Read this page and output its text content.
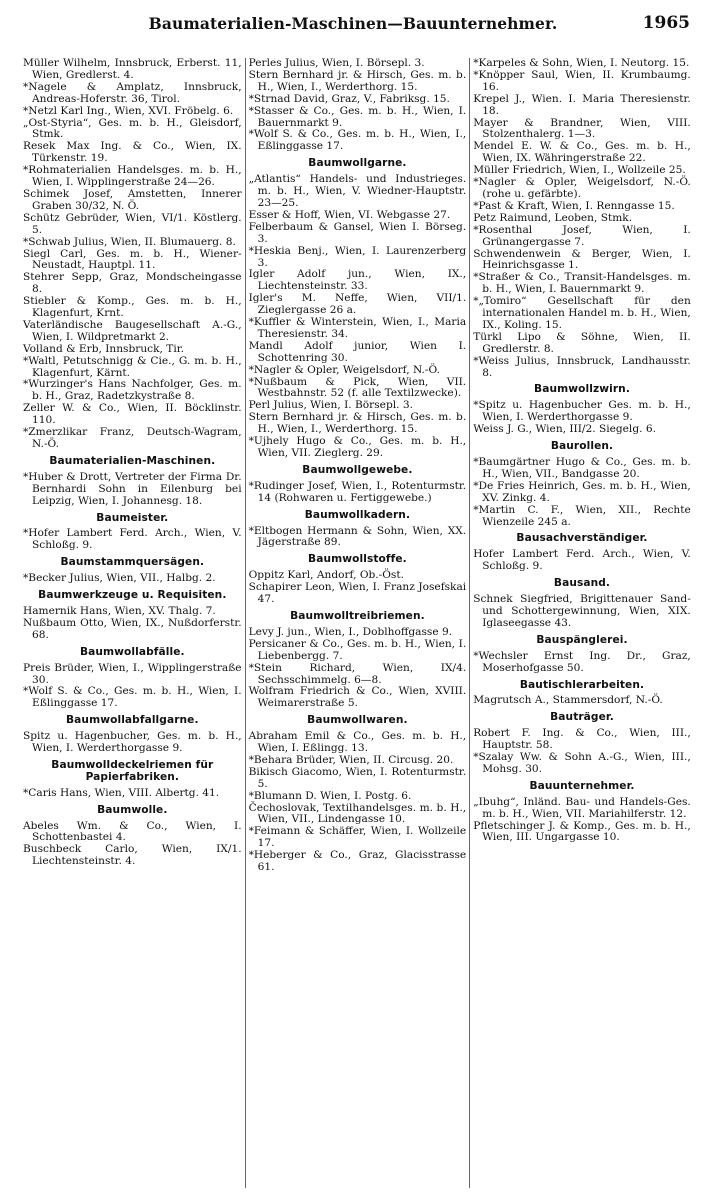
Baumaterialien-Maschinen—Bauunternehmer.	1965
Müller Wilhelm, Innsbruck, Erberst. 11, Wien, Gredlerst. 4.
*Nagele & Amplatz, Innsbruck, Andreas-Hoferstr. 36, Tirol.
*Netzl Karl Ing., Wien, XVI. Fröbelg. 6.
„Ost-Styria“, Ges. m. b. H., Gleisdorf, Stmk.
Resek Max Ing. & Co., Wien, IX. Türkenstr. 19.
*Rohmaterialien Handelsges. m. b. H., Wien, I. Wipplingerstraße 24—26.
Schimek Josef, Amstetten, Innerer Graben 30/32, N. Ö.
Schütz Gebrüder, Wien, VI/1. Köstlerg. 5.
*Schwab Julius, Wien, II. Blumauerg. 8.
Siegl Carl, Ges. m. b. H., Wiener-Neustadt, Hauptpl. 11.
Stehrer Sepp, Graz, Mondscheingasse 8.
Stiebler & Komp., Ges. m. b. H., Klagenfurt, Krnt.
Vaterländische Baugesellschaft A.-G., Wien, I. Wildpretmarkt 2.
Volland & Erb, Innsbruck, Tir.
*Waltl, Petutschnigg & Cie., G. m. b. H., Klagenfurt, Kärnt.
*Wurzinger's Hans Nachfolger, Ges. m. b. H., Graz, Radetzkystraße 8.
Zeller W. & Co., Wien, II. Böcklinstr. 110.
*Zmerzlikar Franz, Deutsch-Wagram, N.-Ö.
Baumaterialien-Maschinen.
*Huber & Drott, Vertreter der Firma Dr. Bernhardi Sohn in Eilenburg bei Leipzig, Wien, I. Johannesg. 18.
Baumeister.
*Hofer Lambert Ferd. Arch., Wien, V. Schloßg. 9.
Baumstammquersägen.
*Becker Julius, Wien, VII., Halbg. 2.
Baumwerkzeuge u. Requisiten.
Hamernik Hans, Wien, XV. Thalg. 7.
Nußbaum Otto, Wien, IX., Nußdorferstr. 68.
Baumwollabfälle.
Preis Brüder, Wien, I., Wipplingerstraße 30.
*Wolf S. & Co., Ges. m. b. H., Wien, I. Eßlinggasse 17.
Baumwollabfallgarne.
Spitz u. Hagenbucher, Ges. m. b. H., Wien, I. Werderthorgasse 9.
Baumwolldeckelriemen für Papierfabriken.
*Caris Hans, Wien, VIII. Albertg. 41.
Baumwolle.
Abeles Wm. & Co., Wien, I. Schottenbastei 4.
Buschbeck Carlo, Wien, IX/1. Liechtensteinstr. 4.
Perles Julius, Wien, I. Börsepl. 3.
Stern Bernhard jr. & Hirsch, Ges. m. b. H., Wien, I., Werderthorg. 15.
*Strnad David, Graz, V., Fabriksg. 15.
*Stasser & Co., Ges. m. b. H., Wien, I. Bauernmarkt 9.
*Wolf S. & Co., Ges. m. b. H., Wien, I., Eßlinggasse 17.
Baumwollgarne.
„Atlantis“ Handels- und Industrieges. m. b. H., Wien, V. Wiedner-Hauptstr. 23—25.
Esser & Hoff, Wien, VI. Webgasse 27.
Felberbaum & Gansel, Wien I. Börseg. 3.
*Heskia Benj., Wien, I. Laurenzerberg 3.
Igler Adolf jun., Wien, IX., Liechtensteinstr. 33.
Igler's M. Neffe, Wien, VII/1. Zieglergasse 26 a.
*Kuffler & Winterstein, Wien, I., Maria Theresienstr. 34.
Mandl Adolf junior, Wien I. Schottenring 30.
*Nagler & Opler, Weigelsdorf, N.-Ö.
*Nußbaum & Pick, Wien, VII. Westbahnstr. 52 (f. alle Textilzwecke).
Perl Julius, Wien, I. Börsepl. 3.
Stern Bernhard jr. & Hirsch, Ges. m. b. H., Wien, I., Werderthorg. 15.
*Ujhely Hugo & Co., Ges. m. b. H., Wien, VII. Zieglerg. 29.
Baumwollgewebe.
*Rudinger Josef, Wien, I., Rotenturmstr. 14 (Rohwaren u. Fertiggewebe.)
Baumwollkadern.
*Eltbogen Hermann & Sohn, Wien, XX. Jägerstraße 89.
Baumwollstoffe.
Oppitz Karl, Andorf, Ob.-Öst.
Schapirer Leon, Wien, I. Franz Josefskai 47.
Baumwolltreibriemen.
Levy J. jun., Wien, I., Doblhoffgasse 9.
Persicaner & Co., Ges. m. b. H., Wien, I. Liebenbergg. 7.
*Stein Richard, Wien, IX/4. Sechsschimmelg. 6—8.
Wolfram Friedrich & Co., Wien, XVIII. Weimarerstraße 5.
Baumwollwaren.
Abraham Emil & Co., Ges. m. b. H., Wien, I. Eßlingg. 13.
*Behara Brüder, Wien, II. Circusg. 20.
Bikisch Giacomo, Wien, I. Rotenturmstr. 5.
*Blumann D. Wien, I. Postg. 6.
Čechoslovak, Textilhandelsges. m. b. H., Wien, VII., Lindengasse 10.
*Feimann & Schäffer, Wien, I. Wollzeile 17.
*Heberger & Co., Graz, Glacisstrasse 61.
*Karpeles & Sohn, Wien, I. Neutorg. 15.
*Knöpper Saul, Wien, II. Krumbaumg. 16.
Krepel J., Wien. I. Maria Theresienstr. 18.
Mayer & Brandner, Wien, VIII. Stolzenthalerg. 1—3.
Mendel E. W. & Co., Ges. m. b. H., Wien, IX. Währingerstraße 22.
Müller Friedrich, Wien, I., Wollzeile 25.
*Nagler & Opler, Weigelsdorf, N.-Ö. (rohe u. gefärbte).
*Past & Kraft, Wien, I. Renngasse 15.
Petz Raimund, Leoben, Stmk.
*Rosenthal Josef, Wien, I. Grünangergasse 7.
Schwendenwein & Berger, Wien, I. Heinrichsgasse 1.
*Straßer & Co., Transit-Handelsges. m. b. H., Wien, I. Bauernmarkt 9.
*„Tomiro“ Gesellschaft für den internationalen Handel m. b. H., Wien, IX., Koling. 15.
Türkl Lipo & Söhne, Wien, II. Gredlerstr. 8.
*Weiss Julius, Innsbruck, Landhausstr. 8.
Baumwollzwirn.
*Spitz u. Hagenbucher Ges. m. b. H., Wien, I. Werderthorgasse 9.
Weiss J. G., Wien, III/2. Siegelg. 6.
Baurollen.
*Baumgärtner Hugo & Co., Ges. m. b. H., Wien, VII., Bandgasse 20.
*De Fries Heinrich, Ges. m. b. H., Wien, XV. Zinkg. 4.
*Martin C. F., Wien, XII., Rechte Wienzeile 245 a.
Bausachverständiger.
Hofer Lambert Ferd. Arch., Wien, V. Schloßg. 9.
Bausand.
Schnek Siegfried, Brigittenauer Sand- und Schottergewinnung, Wien, XIX. Iglaseegasse 43.
Bauspänglerei.
*Wechsler Ernst Ing. Dr., Graz, Moserhofgasse 50.
Bautischlerarbeiten.
Magrutsch A., Stammersdorf, N.-Ö.
Bauträger.
Robert F. Ing. & Co., Wien, III., Hauptstr. 58.
*Szalay Ww. & Sohn A.-G., Wien, III., Mohsg. 30.
Bauunternehmer.
„Ibuhg“, Inländ. Bau- und Handels-Ges. m. b. H., Wien, VII. Mariahilferstr. 12.
Pfletschinger J. & Komp., Ges. m. b. H., Wien, III. Ungargasse 10.
